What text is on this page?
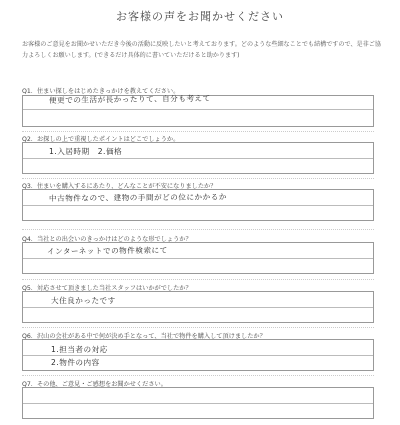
お客様の声をお聞かせください
お客様のご意見をお聞かせいただき今後の活動に反映したいと考えております。どのような些細なことでも結構ですので、是非ご協力よろしくお願いします。(できるだけ具体的に書いていただけると助かります)
Q1．住まい探しをはじめたきっかけを教えてください。
便更での生活が長かったりて、自分も考えて
Q2．お探しの上で重視したポイントはどこでしょうか。
1.入居時期　2.価格
Q3．住まいを購入するにあたり、どんなことが不安になりましたか？
中古物件なので、建物の手間がどの位にかかるか
Q4．当社との出会いのきっかけはどのような形でしょうか？
インターネットでの物件検索にて
Q5．対応させて頂きました当社スタッフはいかがでしたか？
大住良かったです
Q6．沢山の会社がある中で何が決め手となって、当社で物件を購入して頂けましたか？
1.担当者の対応
2.物件の内容
Q7．その他、ご意見・ご感想をお聞かせください。
